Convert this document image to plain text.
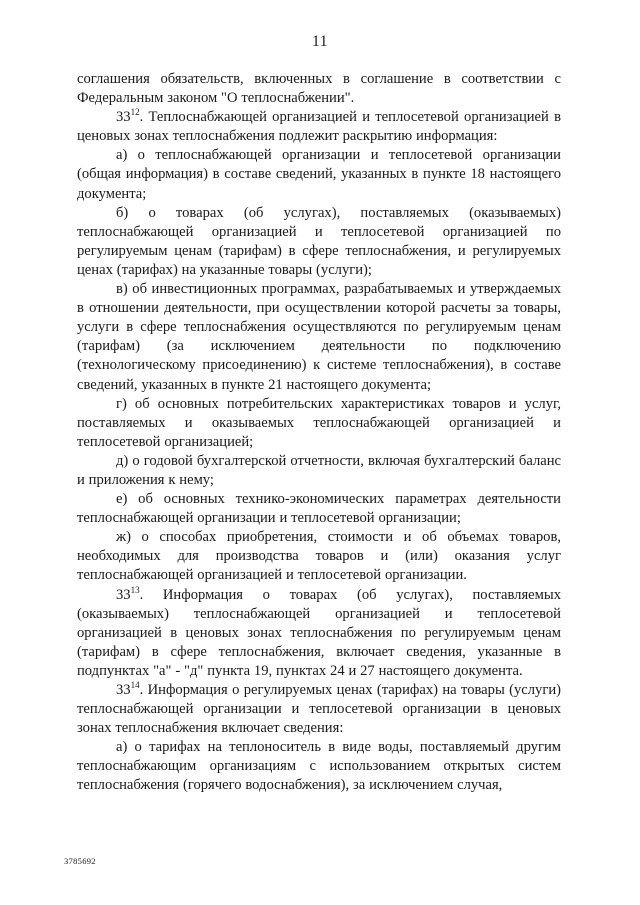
11

соглашения обязательств, включенных в соглашение в соответствии с Федеральным законом "О теплоснабжении".

$33^{12}$. Теплоснабжающей организацией и теплосетевой организацией в ценовых зонах теплоснабжения подлежит раскрытию информация:

а) о теплоснабжающей организации и теплосетевой организации (общая информация) в составе сведений, указанных в пункте 18 настоящего документа;

б) о товарах (об услугах), поставляемых (оказываемых) теплоснабжающей организацией и теплосетевой организацией по регулируемым ценам (тарифам) в сфере теплоснабжения, и регулируемых ценах (тарифах) на указанные товары (услуги);

в) об инвестиционных программах, разрабатываемых и утверждаемых в отношении деятельности, при осуществлении которой расчеты за товары, услуги в сфере теплоснабжения осуществляются по регулируемым ценам (тарифам) (за исключением деятельности по подключению (технологическому присоединению) к системе теплоснабжения), в составе сведений, указанных в пункте 21 настоящего документа;

г) об основных потребительских характеристиках товаров и услуг, поставляемых и оказываемых теплоснабжающей организацией и теплосетевой организацией;

д) о годовой бухгалтерской отчетности, включая бухгалтерский баланс и приложения к нему;

е) об основных технико-экономических параметрах деятельности теплоснабжающей организации и теплосетевой организации;

ж) о способах приобретения, стоимости и об объемах товаров, необходимых для производства товаров и (или) оказания услуг теплоснабжающей организацией и теплосетевой организации.

$33^{13}$. Информация о товарах (об услугах), поставляемых (оказываемых) теплоснабжающей организацией и теплосетевой организацией в ценовых зонах теплоснабжения по регулируемым ценам (тарифам) в сфере теплоснабжения, включает сведения, указанные в подпунктах "а" - "д" пункта 19, пунктах 24 и 27 настоящего документа.

$33^{14}$. Информация о регулируемых ценах (тарифах) на товары (услуги) теплоснабжающей организации и теплосетевой организации в ценовых зонах теплоснабжения включает сведения:

а) о тарифах на теплоноситель в виде воды, поставляемый другим теплоснабжающим организациям с использованием открытых систем теплоснабжения (горячего водоснабжения), за исключением случая,

3785692
